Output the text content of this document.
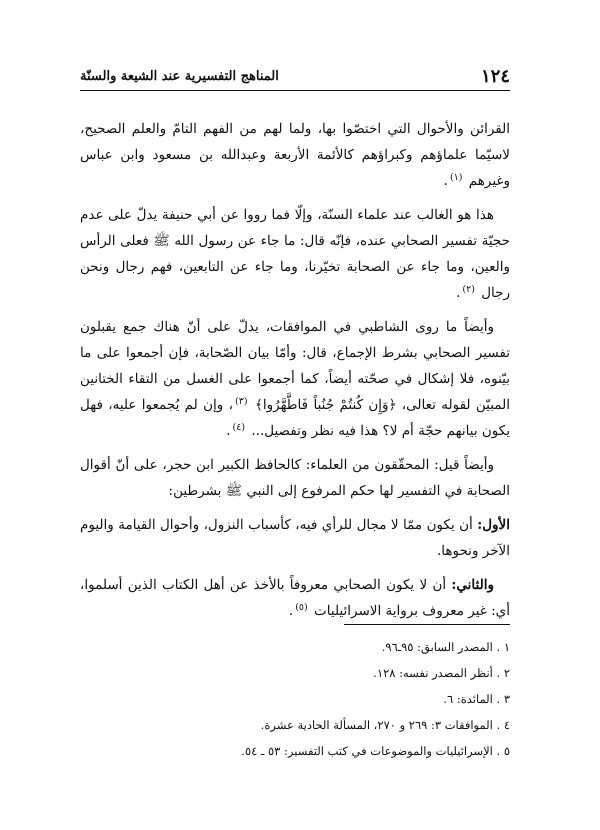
١٢٤
المناهج التفسيرية عند الشيعة والسنّة

القرائن والأحوال التي اختصّوا بها، ولما لهم من الفهم التامّ والعلم الصحيح، لاسيّما علماؤهم وكبراؤهم كالأئمة الأربعة وعبدالله بن مسعود وابن عباس وغيرهم $^{(١)}$.

هذا هو الغالب عند علماء السنّة، وإلّا فما رووا عن أبي حنيفة يدلّ على عدم حجيّة تفسير الصحابي عنده، فإنّه قال: ما جاء عن رسول الله ﷺ فعلى الرأس والعين، وما جاء عن الصحابة تخيّرنا، وما جاء عن التابعين، فهم رجال ونحن رجال $^{(٢)}$.

وأيضاً ما روى الشاطبي في الموافقات، يدلّ على أنّ هناك جمع يقبلون تفسير الصحابي بشرط الإجماع، قال: وأمّا بيان الصّحابة، فإن أجمعوا على ما بيّنوه، فلا إشكال في صحّته أيضاً، كما أجمعوا على الغسل من التقاء الختانين المبيّن لقوله تعالى، ﴿وَإِن كُنتُمْ جُنُباً فَاطَّهَّرُوا﴾ $^{(٣)}$، وإن لم يُجمعوا عليه، فهل يكون بيانهم حجّة أم لا؟ هذا فيه نظر وتفصيل... $^{(٤)}$.

وأيضاً قيل: المحقّقون من العلماء: كالحافظ الكبير ابن حجر، على أنّ أقوال الصحابة في التفسير لها حكم المرفوع إلى النبي ﷺ بشرطين:

الأول: أن يكون ممّا لا مجال للرأي فيه، كأسباب النزول، وأحوال القيامة واليوم الآخر ونحوها.

والثاني: أن لا يكون الصحابي معروفاً بالأخذ عن أهل الكتاب الذين أسلموا، أي: غير معروف برواية الاسرائيليات $^{(٥)}$.

١ . المصدر السابق: ٩٥ـ٩٦.

٢ . أنظر المصدر نفسه: ١٢٨.

٣ . المائدة: ٦.

٤ . الموافقات ٣: ٢٦٩ و ٢٧٠، المسألة الحادية عشرة.

٥ . الإسرائيليات والموضوعات في كتب التفسير: ٥٣ ـ ٥٤.
